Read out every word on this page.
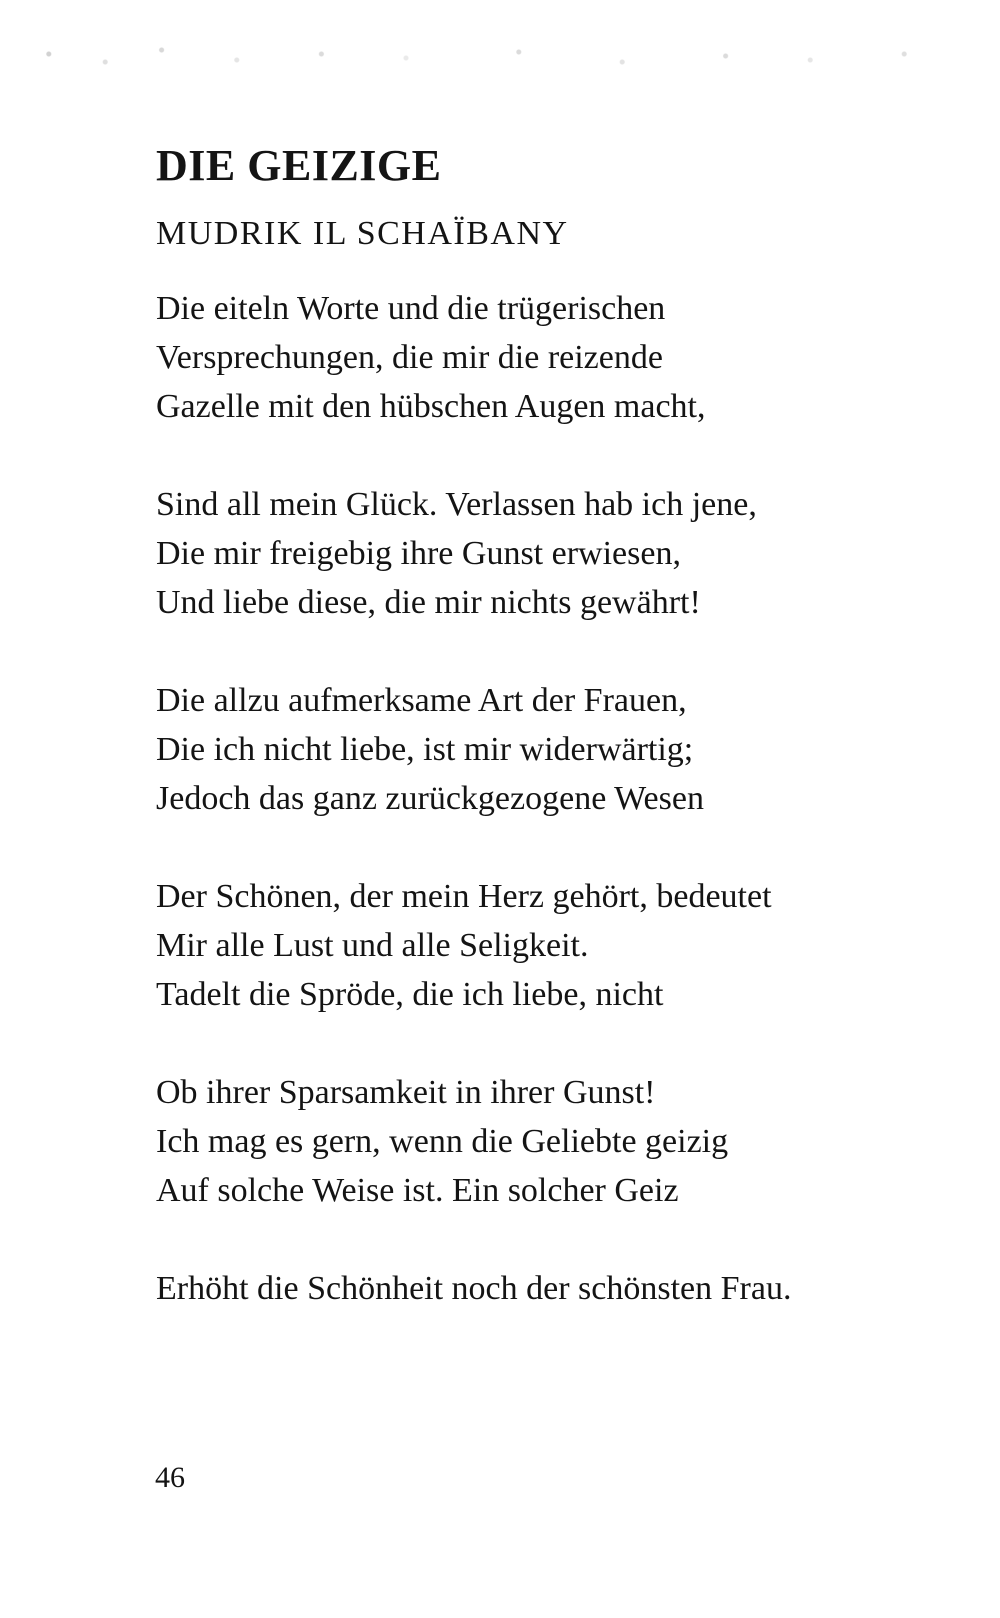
DIE GEIZIGE
MUDRIK IL SCHAÏBANY
Die eiteln Worte und die trügerischen
Versprechungen, die mir die reizende
Gazelle mit den hübschen Augen macht,
Sind all mein Glück. Verlassen hab ich jene,
Die mir freigebig ihre Gunst erwiesen,
Und liebe diese, die mir nichts gewährt!
Die allzu aufmerksame Art der Frauen,
Die ich nicht liebe, ist mir widerwärtig;
Jedoch das ganz zurückgezogene Wesen
Der Schönen, der mein Herz gehört, bedeutet
Mir alle Lust und alle Seligkeit.
Tadelt die Spröde, die ich liebe, nicht
Ob ihrer Sparsamkeit in ihrer Gunst!
Ich mag es gern, wenn die Geliebte geizig
Auf solche Weise ist. Ein solcher Geiz
Erhöht die Schönheit noch der schönsten Frau.
46
